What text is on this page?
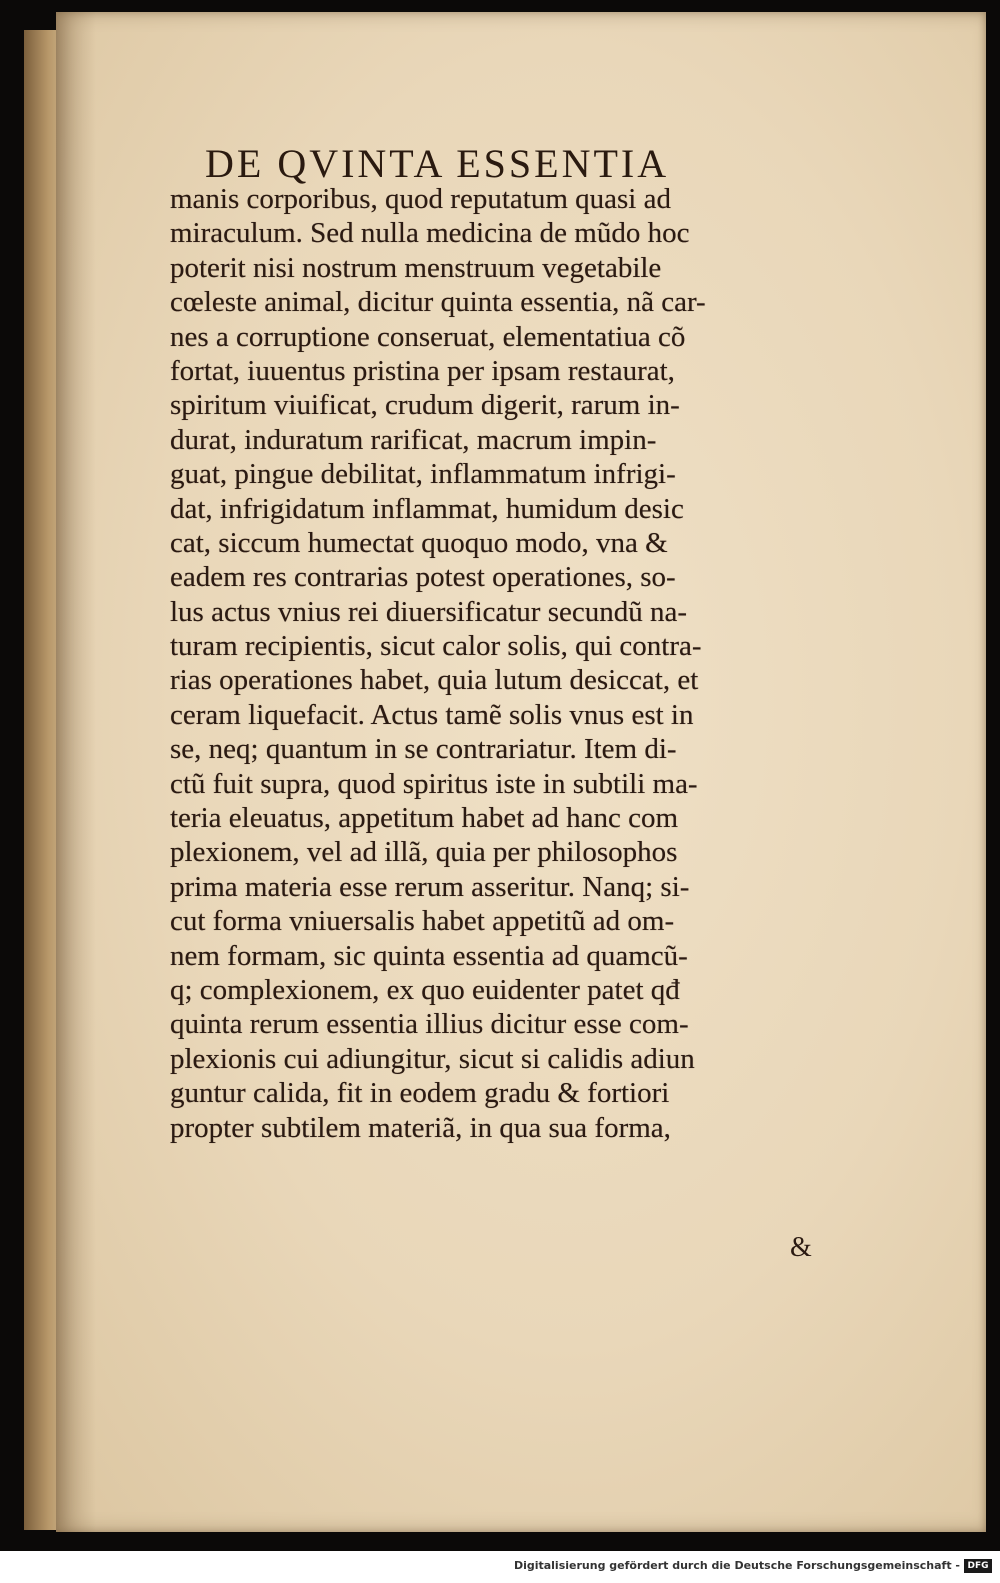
DE QVINTA ESSENTIA
manis corporibus, quod reputatum quasi ad
miraculum. Sed nulla medicina de mũdo hoc
poterit nisi nostrum menstruum vegetabile
cœleste animal, dicitur quinta essentia, nã car-
nes a corruptione conseruat, elementatiua cõ
fortat, iuuentus pristina per ipsam restaurat,
spiritum viuificat, crudum digerit, rarum in-
durat, induratum rarificat, macrum impin-
guat, pingue debilitat, inflammatum infrigi-
dat, infrigidatum inflammat, humidum desic
cat, siccum humectat quoquo modo, vna &
eadem res contrarias potest operationes, so-
lus actus vnius rei diuersificatur secundũ na-
turam recipientis, sicut calor solis, qui contra-
rias operationes habet, quia lutum desiccat, et
ceram liquefacit. Actus tamẽ solis vnus est in
se, neq; quantum in se contrariatur. Item di-
ctũ fuit supra, quod spiritus iste in subtili ma-
teria eleuatus, appetitum habet ad hanc com
plexionem, vel ad illã, quia per philosophos
prima materia esse rerum asseritur. Nanq; si-
cut forma vniuersalis habet appetitũ ad om-
nem formam, sic quinta essentia ad quamcũ-
q; complexionem, ex quo euidenter patet qđ
quinta rerum essentia illius dicitur esse com-
plexionis cui adiungitur, sicut si calidis adiun
guntur calida, fit in eodem gradu & fortiori
propter subtilem materiã, in qua sua forma,
&
Digitalisierung gefördert durch die Deutsche Forschungsgemeinschaft - DFG
